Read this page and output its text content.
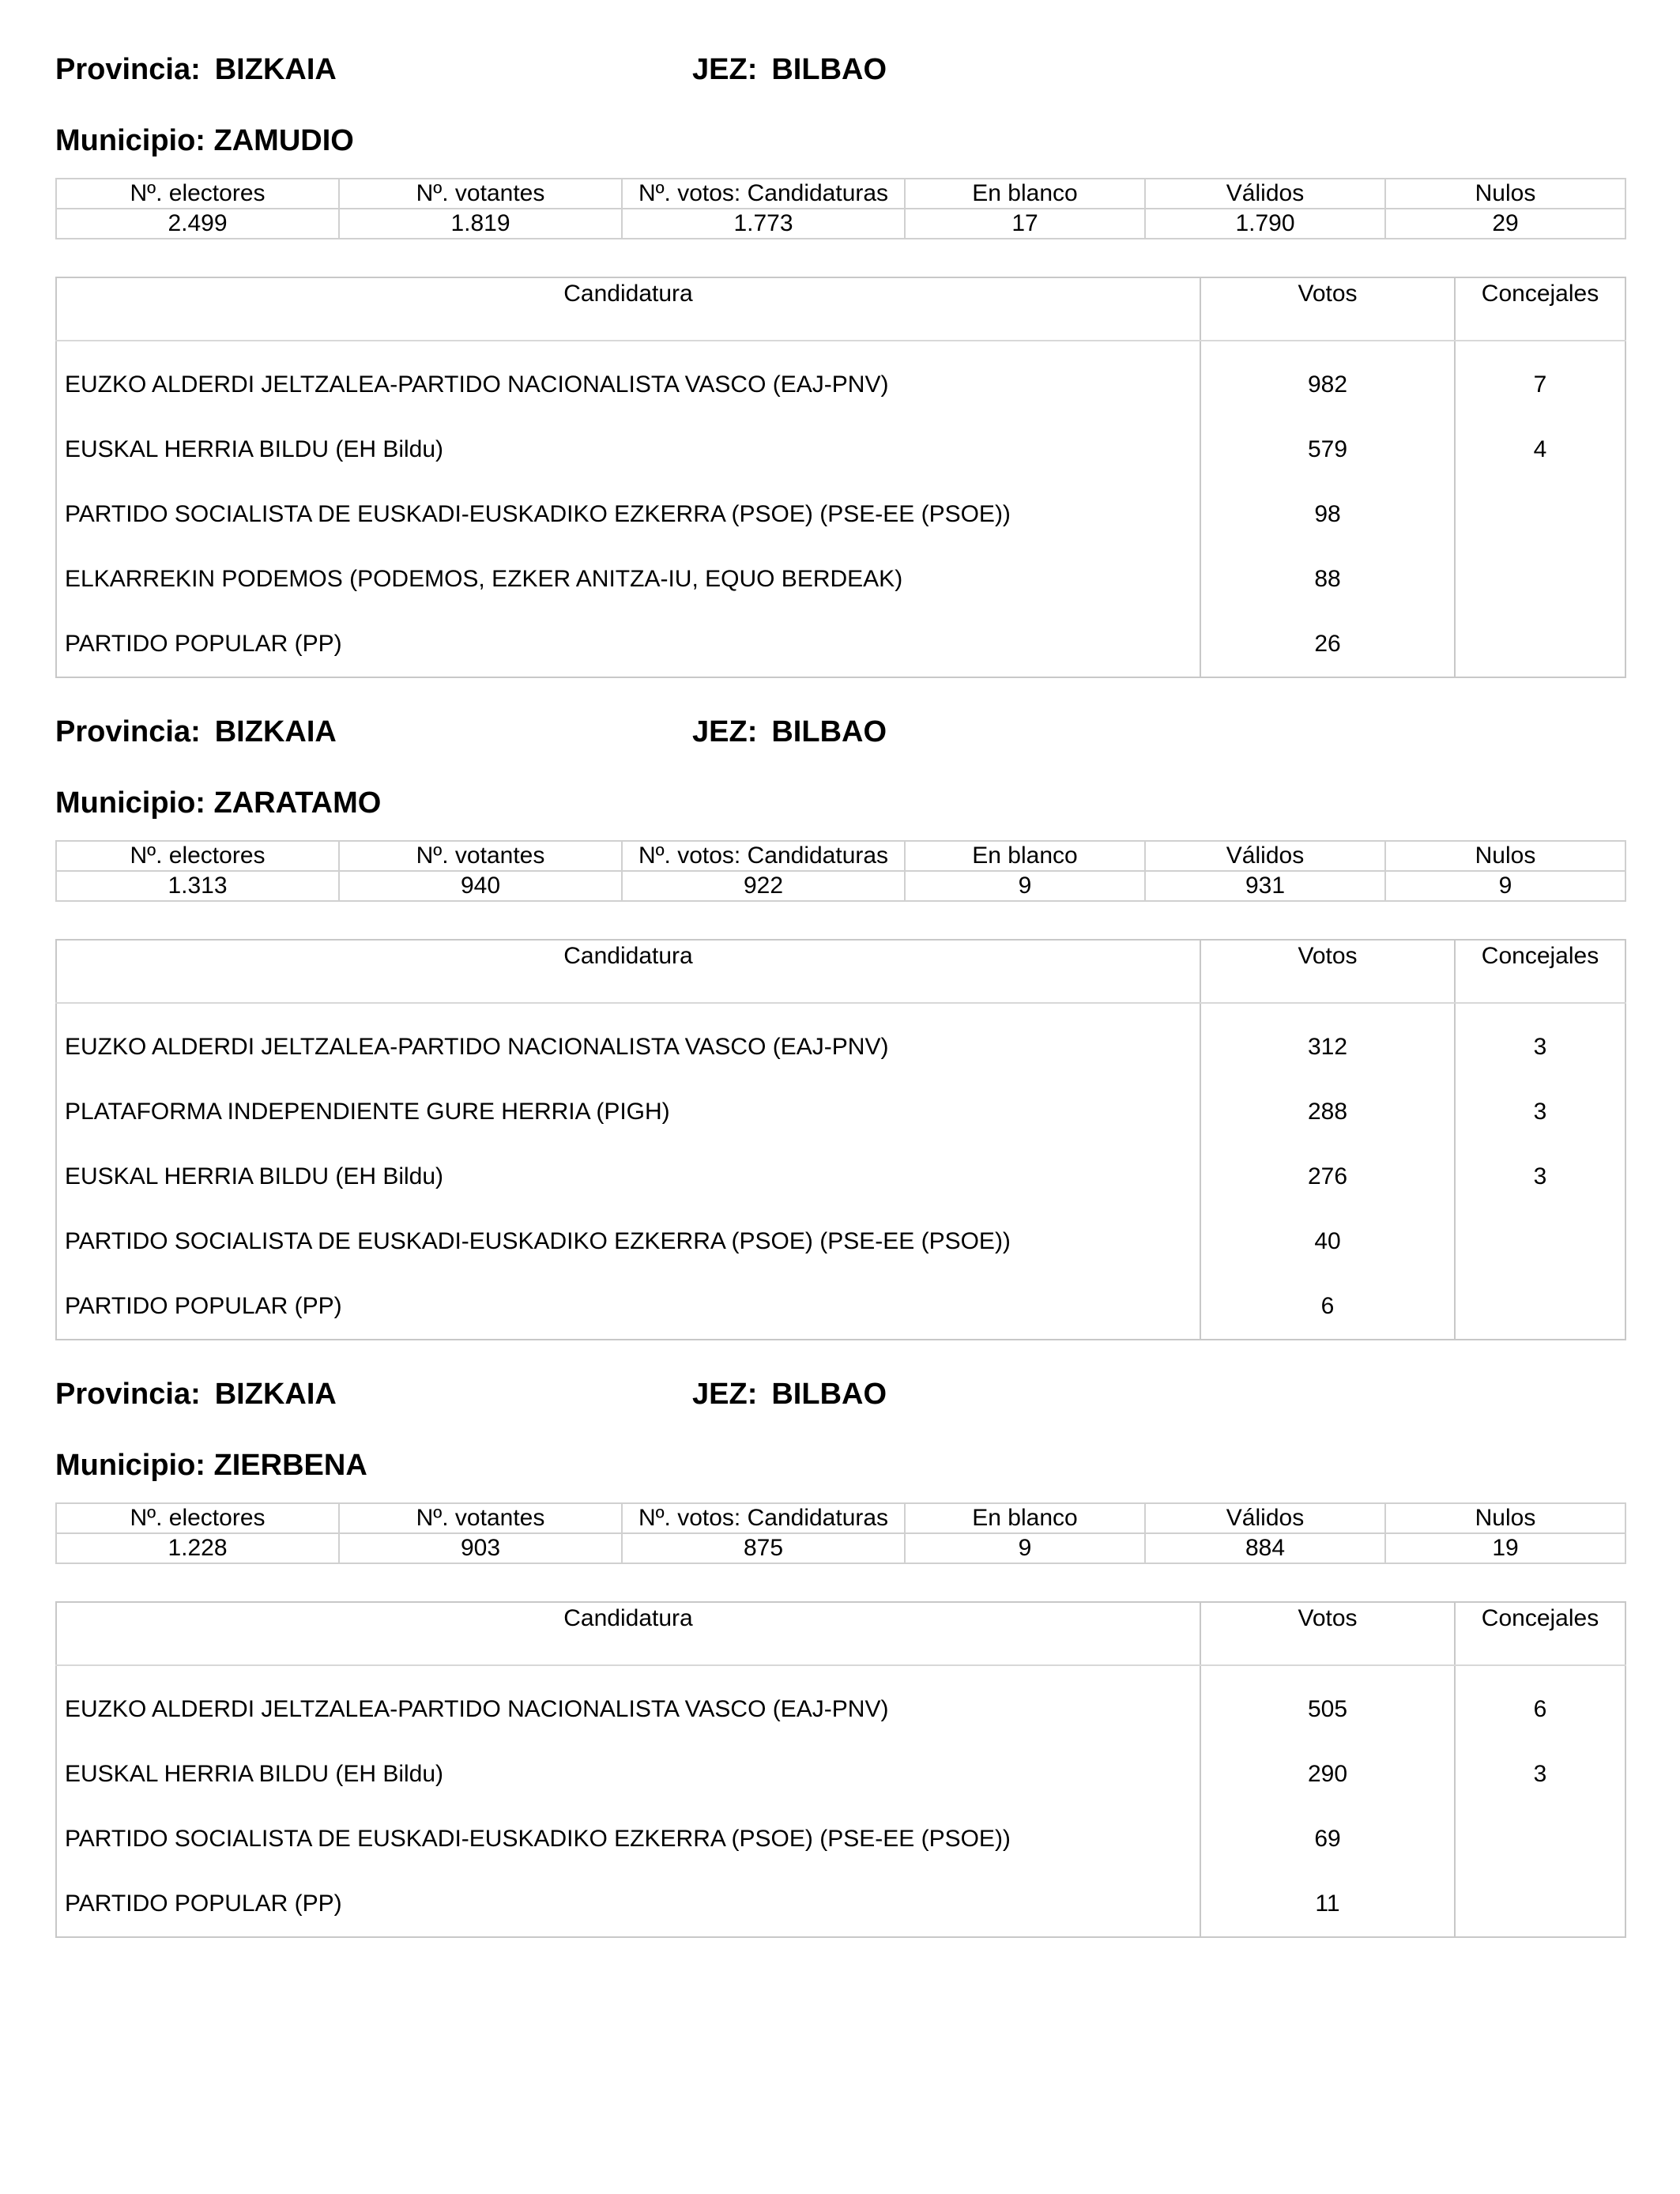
Provincia: BIZKAIA	JEZ: BILBAO
Municipio: ZAMUDIO
Nº. electores	Nº. votantes	Nº. votos: Candidaturas	En blanco	Válidos	Nulos
2.499	1.819	1.773	17	1.790	29
Candidatura	Votos	Concejales

EUZKO ALDERDI JELTZALEA-PARTIDO NACIONALISTA VASCO (EAJ-PNV)	982	7
EUSKAL HERRIA BILDU (EH Bildu)	579	4
PARTIDO SOCIALISTA DE EUSKADI-EUSKADIKO EZKERRA (PSOE) (PSE-EE (PSOE))	98	
ELKARREKIN PODEMOS (PODEMOS, EZKER ANITZA-IU, EQUO BERDEAK)	88	
PARTIDO POPULAR (PP)	26	
Provincia: BIZKAIA	JEZ: BILBAO
Municipio: ZARATAMO
Nº. electores	Nº. votantes	Nº. votos: Candidaturas	En blanco	Válidos	Nulos
1.313	940	922	9	931	9
Candidatura	Votos	Concejales

EUZKO ALDERDI JELTZALEA-PARTIDO NACIONALISTA VASCO (EAJ-PNV)	312	3
PLATAFORMA INDEPENDIENTE GURE HERRIA (PIGH)	288	3
EUSKAL HERRIA BILDU (EH Bildu)	276	3
PARTIDO SOCIALISTA DE EUSKADI-EUSKADIKO EZKERRA (PSOE) (PSE-EE (PSOE))	40	
PARTIDO POPULAR (PP)	6	
Provincia: BIZKAIA	JEZ: BILBAO
Municipio: ZIERBENA
Nº. electores	Nº. votantes	Nº. votos: Candidaturas	En blanco	Válidos	Nulos
1.228	903	875	9	884	19
Candidatura	Votos	Concejales

EUZKO ALDERDI JELTZALEA-PARTIDO NACIONALISTA VASCO (EAJ-PNV)	505	6
EUSKAL HERRIA BILDU (EH Bildu)	290	3
PARTIDO SOCIALISTA DE EUSKADI-EUSKADIKO EZKERRA (PSOE) (PSE-EE (PSOE))	69	
PARTIDO POPULAR (PP)	11	
